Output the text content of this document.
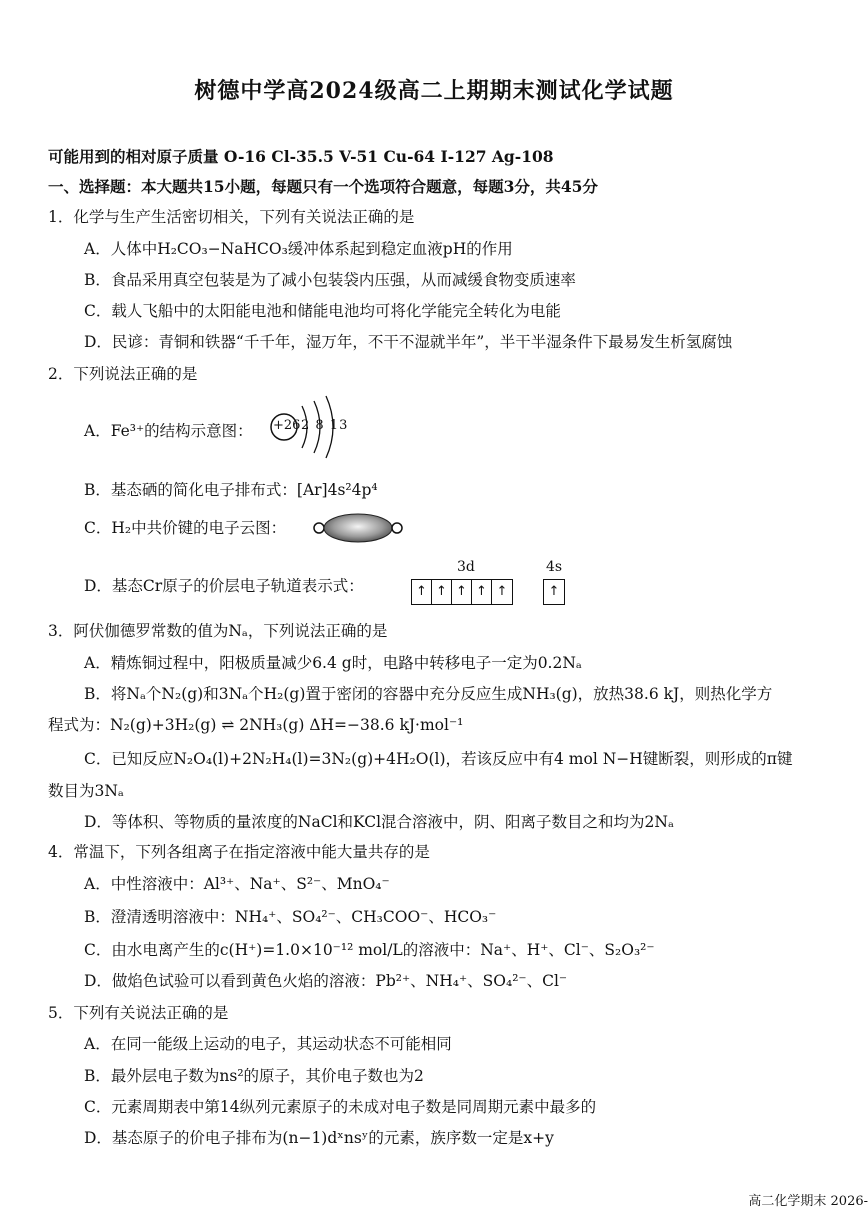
树德中学高2024级高二上期期末测试化学试题
可能用到的相对原子质量 O-16 Cl-35.5 V-51 Cu-64 I-127 Ag-108
一、选择题：本大题共15小题，每题只有一个选项符合题意，每题3分，共45分
1．化学与生产生活密切相关，下列有关说法正确的是
A．人体中H₂CO₃−NaHCO₃缓冲体系起到稳定血液pH的作用
B．食品采用真空包装是为了减小包装袋内压强，从而减缓食物变质速率
C．载人飞船中的太阳能电池和储能电池均可将化学能完全转化为电能
D．民谚：青铜和铁器“千千年，湿万年，不干不湿就半年”，半干半湿条件下最易发生析氢腐蚀
2．下列说法正确的是
A．Fe³⁺的结构示意图： +26 2 8 13
B．基态硒的简化电子排布式：[Ar]4s²4p⁴
C．H₂中共价键的电子云图：
D．基态Cr原子的价层电子轨道表示式：
3d	4s
↑ ↑ ↑ ↑ ↑	↑
3．阿伏伽德罗常数的值为Nₐ，下列说法正确的是
A．精炼铜过程中，阳极质量减少6.4 g时，电路中转移电子一定为0.2Nₐ
B．将Nₐ个N₂(g)和3Nₐ个H₂(g)置于密闭的容器中充分反应生成NH₃(g)，放热38.6 kJ，则热化学方
程式为：N₂(g)+3H₂(g) ⇌ 2NH₃(g) ΔH=−38.6 kJ·mol⁻¹
C．已知反应N₂O₄(l)+2N₂H₄(l)=3N₂(g)+4H₂O(l)，若该反应中有4 mol N−H键断裂，则形成的π键
数目为3Nₐ
D．等体积、等物质的量浓度的NaCl和KCl混合溶液中，阴、阳离子数目之和均为2Nₐ
4．常温下，下列各组离子在指定溶液中能大量共存的是
A．中性溶液中：Al³⁺、Na⁺、S²⁻、MnO₄⁻
B．澄清透明溶液中：NH₄⁺、SO₄²⁻、CH₃COO⁻、HCO₃⁻
C．由水电离产生的c(H⁺)=1.0×10⁻¹² mol/L的溶液中：Na⁺、H⁺、Cl⁻、S₂O₃²⁻
D．做焰色试验可以看到黄色火焰的溶液：Pb²⁺、NH₄⁺、SO₄²⁻、Cl⁻
5．下列有关说法正确的是
A．在同一能级上运动的电子，其运动状态不可能相同
B．最外层电子数为ns²的原子，其价电子数也为2
C．元素周期表中第14纵列元素原子的未成对电子数是同周期元素中最多的
D．基态原子的价电子排布为(n−1)dˣnsʸ的元素，族序数一定是x+y
高二化学期末 2026-
